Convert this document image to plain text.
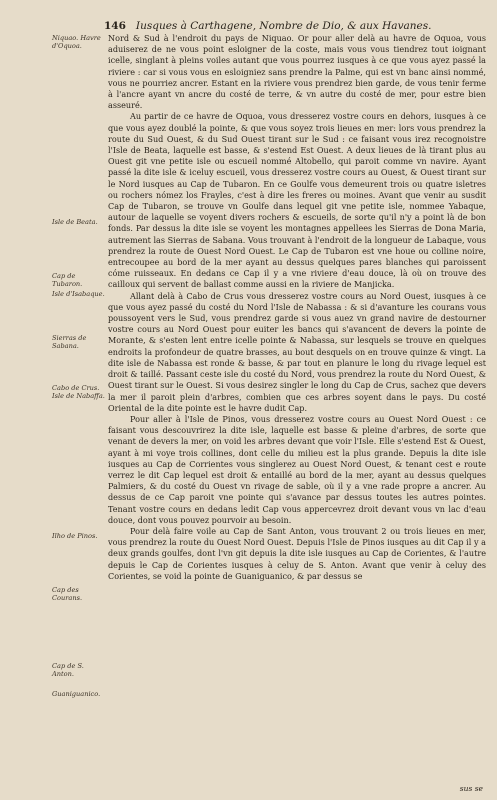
146 Iusques à Carthagene, Nombre de Dio, & aux Havanes.
Niquao. Havre d'Oquoa.
Isle de Beata.
Cap de Tubaron.
Isle d'Isabaque.
Sierras de Sabana.
Cabo de Crus. Isle de Nabaffa.
Ilho de Pinos.
Cap des Courans.
Cap de S. Anton.
Guaniguanico.

Nord & Sud à l'endroit du pays de Niquao. Or pour aller delà au havre de Oquoa, vous aduiserez de ne vous point esloigner de la coste, mais vous vous tiendrez tout ioignant icelle, singlant à pleins voiles autant que vous pourrez iusques à ce que vous ayez passé la riviere : car si vous vous en esloigniez sans prendre la Palme, qui est vn banc ainsi nommé, vous ne pourriez ancrer. Estant en la riviere vous prendrez bien garde, de vous tenir ferme à l'ancre ayant vn ancre du costé de terre, & vn autre du costé de mer, pour estre bien asseuré.

Au partir de ce havre de Oquoa, vous dresserez vostre cours en dehors, iusques à ce que vous ayez doublé la pointe, & que vous soyez trois lieues en mer: lors vous prendrez la route du Sud Ouest, & du Sud Ouest tirant sur le Sud : ce faisant vous irez recognoistre l'Isle de Beata, laquelle est basse, & s'estend Est Ouest. A deux lieues de là tirant plus au Ouest git vne petite isle ou escueil nommé Altobello, qui paroit comme vn navire. Ayant passé la dite isle & iceluy escueil, vous dresserez vostre cours au Ouest, & Ouest tirant sur le Nord iusques au Cap de Tubaron. En ce Goulfe vous demeurent trois ou quatre isletres ou rochers nómez los Frayles, c'est à dire les freres ou moines. Avant que venir au susdit Cap de Tubaron, se trouve vn Goulfe dans lequel git vne petite isle, nommee Yabaque, autour de laquelle se voyent divers rochers & escueils, de sorte qu'il n'y a point là de bon fonds. Par dessus la dite isle se voyent les montagnes appellees les Sierras de Dona Maria, autrement las Sierras de Sabana. Vous trouvant à l'endroit de la longueur de Labaque, vous prendrez la route de Ouest Nord Ouest. Le Cap de Tubaron est vne houe ou colline noire, entrecoupee au bord de la mer ayant au dessus quelques pares blanches qui paroissent cóme ruisseaux. En dedans ce Cap il y a vne riviere d'eau douce, là où on trouve des cailloux qui servent de ballast comme aussi en la riviere de Manjicka.

Allant delà à Cabo de Crus vous dresserez vostre cours au Nord Ouest, iusques à ce que vous ayez passé du costé du Nord l'Isle de Nabassa : & si d'avanture les courans vous poussoyent vers le Sud, vous prendrez garde si vous auez vn grand navire de destourner vostre cours au Nord Ouest pour euiter les bancs qui s'avancent de devers la pointe de Morante, & s'esten lent entre icelle pointe & Nabassa, sur lesquels se trouve en quelques endroits la profondeur de quatre brasses, au bout desquels on en trouve quinze & vingt. La dite isle de Nabassa est ronde & basse, & par tout en planure le long du rivage lequel est droit & taillé. Passant ceste isle du costé du Nord, vous prendrez la route du Nord Ouest, & Ouest tirant sur le Ouest. Si vous desirez singler le long du Cap de Crus, sachez que devers la mer il paroit plein d'arbres, combien que ces arbres soyent dans le pays. Du costé Oriental de la dite pointe est le havre dudit Cap.

Pour aller à l'Isle de Pinos, vous dresserez vostre cours au Ouest Nord Ouest : ce faisant vous descouvrirez la dite isle, laquelle est basse & pleine d'arbres, de sorte que venant de devers la mer, on void les arbres devant que voir l'Isle. Elle s'estend Est & Ouest, ayant à mi voye trois collines, dont celle du milieu est la plus grande. Depuis la dite isle iusques au Cap de Corrientes vous singlerez au Ouest Nord Ouest, & tenant cest e route verrez le dit Cap lequel est droit & entaillé au bord de la mer, ayant au dessus quelques Palmiers, & du costé du Ouest vn rivage de sable, où il y a vne rade propre a ancrer. Au dessus de ce Cap paroit vne pointe qui s'avance par dessus toutes les autres pointes. Tenant vostre cours en dedans ledit Cap vous appercevrez droit devant vous vn lac d'eau douce, dont vous pouvez pourvoir au besoin.

Pour delà faire voile au Cap de Sant Anton, vous trouvant 2 ou trois lieues en mer, vous prendrez la route du Ouest Nord Ouest. Depuis l'Isle de Pinos iusques au dit Cap il y a deux grands goulfes, dont l'vn git depuis la dite isle iusques au Cap de Corientes, & l'autre depuis le Cap de Corientes iusques à celuy de S. Anton. Avant que venir à celuy des Corientes, se void la pointe de Guaniguanico, & par dessus se

sus se
